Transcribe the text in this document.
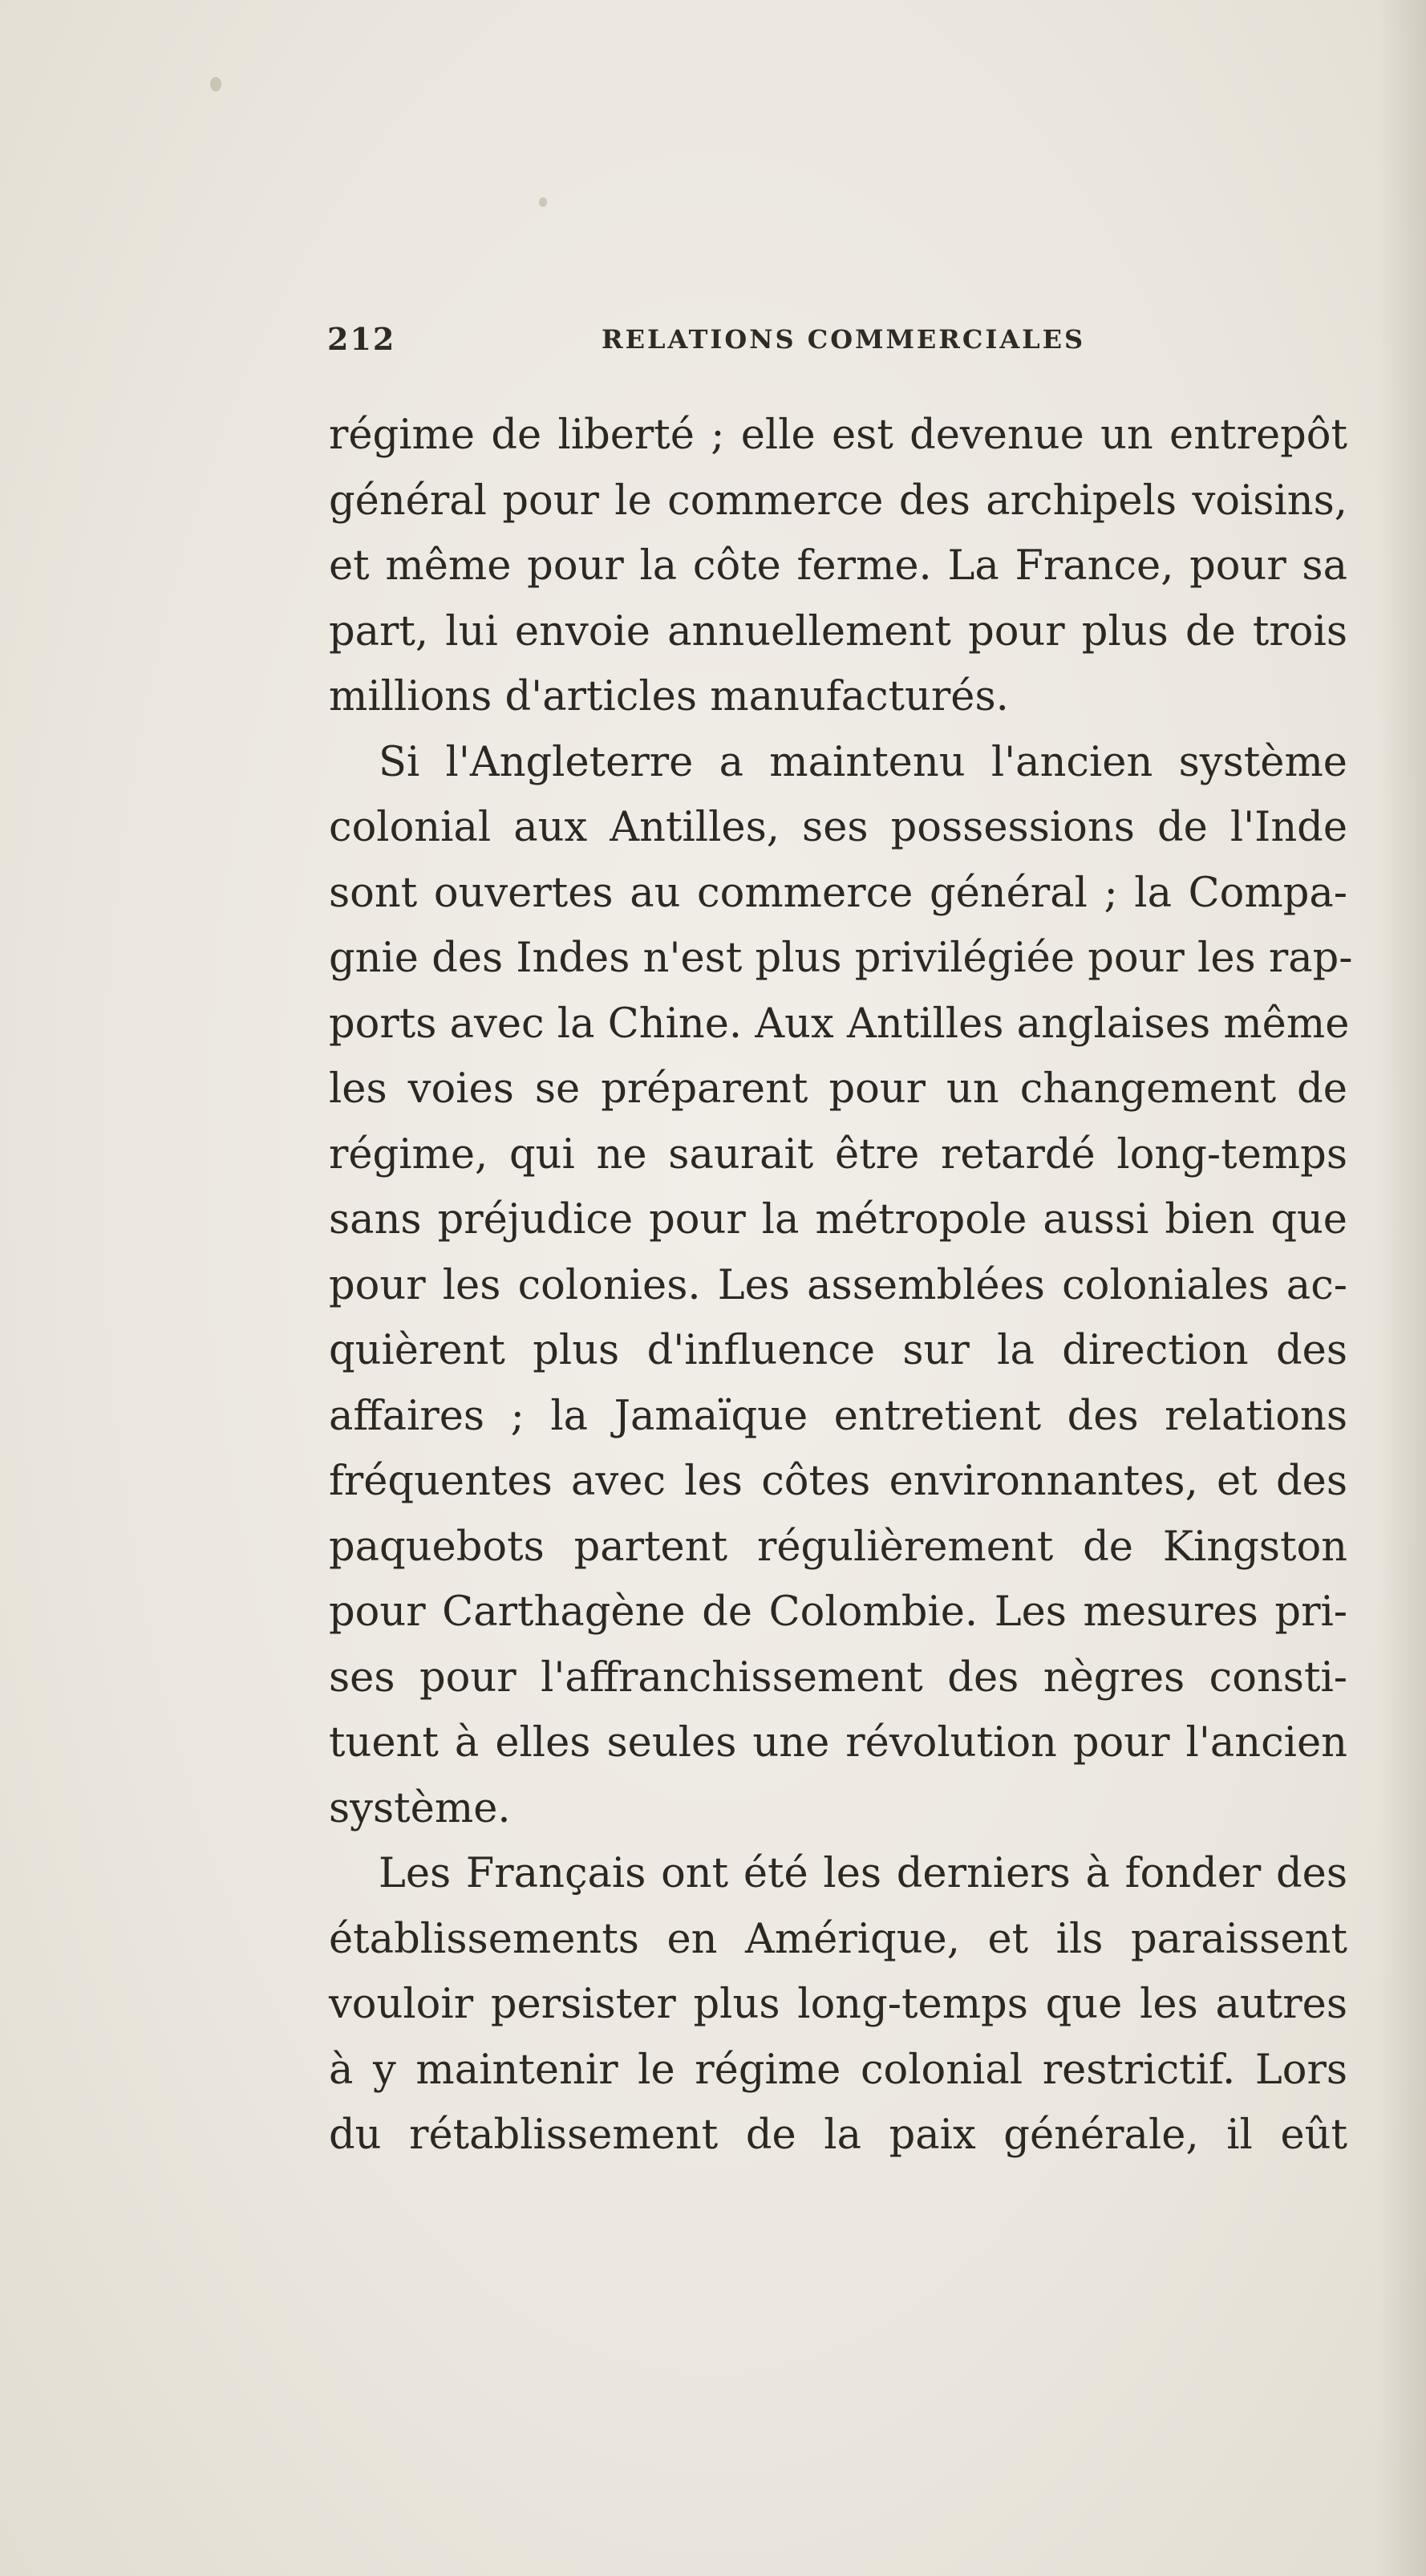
212	RELATIONS COMMERCIALES
régime de liberté ; elle est devenue un entrepôt
général pour le commerce des archipels voisins,
et même pour la côte ferme. La France, pour sa
part, lui envoie annuellement pour plus de trois
millions d'articles manufacturés.
Si l'Angleterre a maintenu l'ancien système
colonial aux Antilles, ses possessions de l'Inde
sont ouvertes au commerce général ; la Compa-
gnie des Indes n'est plus privilégiée pour les rap-
ports avec la Chine. Aux Antilles anglaises même
les voies se préparent pour un changement de
régime, qui ne saurait être retardé long-temps
sans préjudice pour la métropole aussi bien que
pour les colonies. Les assemblées coloniales ac-
quièrent plus d'influence sur la direction des
affaires ; la Jamaïque entretient des relations
fréquentes avec les côtes environnantes, et des
paquebots partent régulièrement de Kingston
pour Carthagène de Colombie. Les mesures pri-
ses pour l'affranchissement des nègres consti-
tuent à elles seules une révolution pour l'ancien
système.
Les Français ont été les derniers à fonder des
établissements en Amérique, et ils paraissent
vouloir persister plus long-temps que les autres
à y maintenir le régime colonial restrictif. Lors
du rétablissement de la paix générale, il eût
